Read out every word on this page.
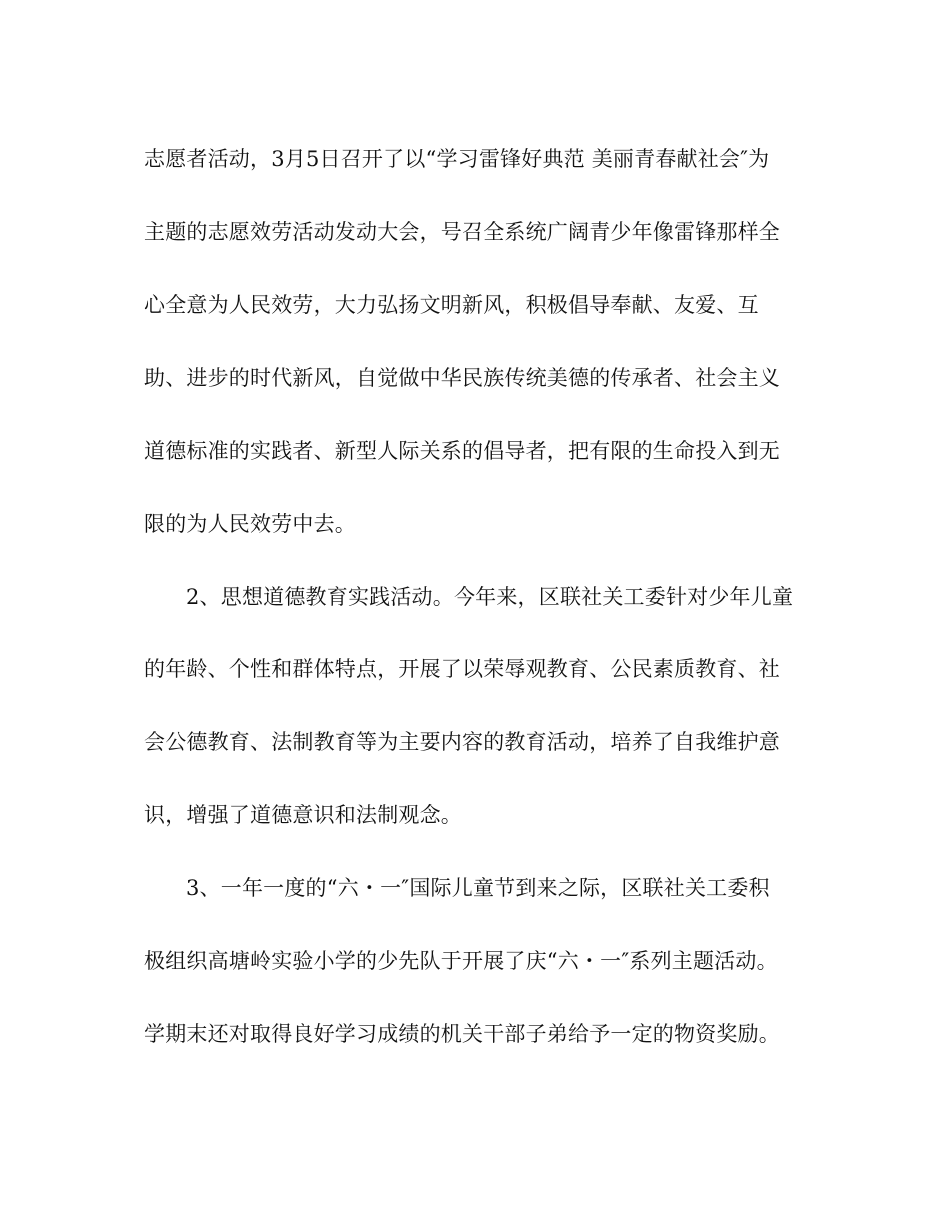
志愿者活动，3月5日召开了以“学习雷锋好典范 美丽青春献社会″为
主题的志愿效劳活动发动大会，号召全系统广阔青少年像雷锋那样全
心全意为人民效劳，大力弘扬文明新风，积极倡导奉献、友爱、互
助、进步的时代新风，自觉做中华民族传统美德的传承者、社会主义
道德标准的实践者、新型人际关系的倡导者，把有限的生命投入到无
限的为人民效劳中去。
2、思想道德教育实践活动。今年来，区联社关工委针对少年儿童
的年龄、个性和群体特点，开展了以荣辱观教育、公民素质教育、社
会公德教育、法制教育等为主要内容的教育活动，培养了自我维护意
识，增强了道德意识和法制观念。
3、一年一度的“六・一″国际儿童节到来之际，区联社关工委积
极组织高塘岭实验小学的少先队于开展了庆“六・一″系列主题活动。
学期末还对取得良好学习成绩的机关干部子弟给予一定的物资奖励。
